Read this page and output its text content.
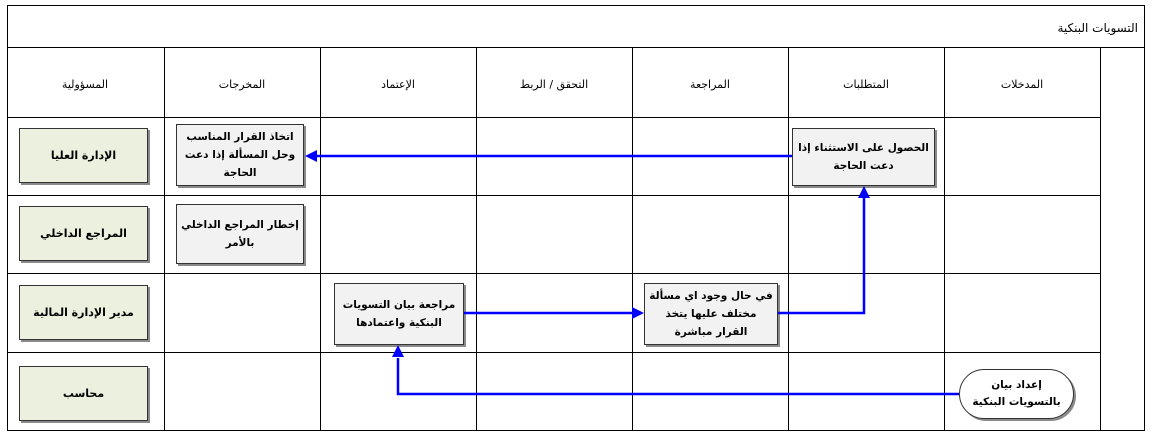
التسويات البنكية
المسؤولية	المخرجات	الإعتماد	التحقق / الربط	المراجعة	المتطلبات	المدخلات
الإدارة العليا
المراجع الداخلي
مدير الإدارة المالية
محاسب
اتخاذ القرار المناسب وحل المسألة إذا دعت الحاجة
إخطار المراجع الداخلي بالأمر
مراجعة بيان التسويات البنكية واعتمادها
في حال وجود اي مسألة مختلف عليها يتخذ القرار مباشرة
الحصول على الاستثناء إذا دعت الحاجة
إعداد بيان بالتسويات البنكية
